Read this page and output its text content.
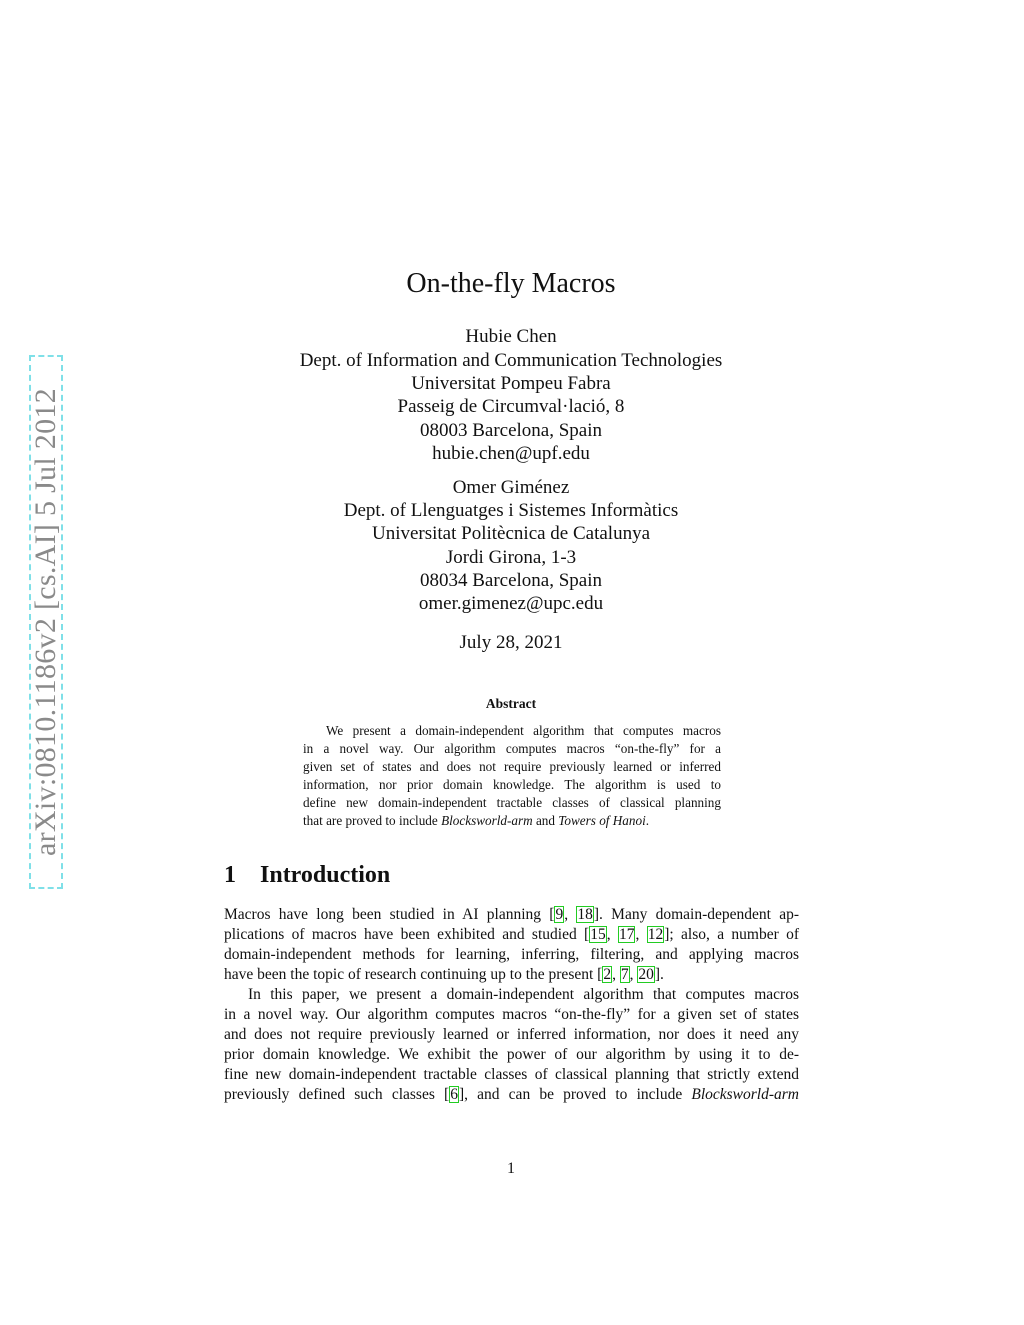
arXiv:0810.1186v2 [cs.AI] 5 Jul 2012
On-the-fly Macros
Hubie Chen
Dept. of Information and Communication Technologies
Universitat Pompeu Fabra
Passeig de Circumval·lació, 8
08003 Barcelona, Spain
hubie.chen@upf.edu
Omer Giménez
Dept. of Llenguatges i Sistemes Informàtics
Universitat Politècnica de Catalunya
Jordi Girona, 1-3
08034 Barcelona, Spain
omer.gimenez@upc.edu
July 28, 2021
Abstract
We present a domain-independent algorithm that computes macros
in a novel way. Our algorithm computes macros “on-the-fly” for a
given set of states and does not require previously learned or inferred
information, nor prior domain knowledge. The algorithm is used to
define new domain-independent tractable classes of classical planning
that are proved to include Blocksworld-arm and Towers of Hanoi.
1 Introduction
Macros have long been studied in AI planning [9, 18]. Many domain-dependent ap-
plications of macros have been exhibited and studied [15, 17, 12]; also, a number of
domain-independent methods for learning, inferring, filtering, and applying macros
have been the topic of research continuing up to the present [2, 7, 20].
In this paper, we present a domain-independent algorithm that computes macros
in a novel way. Our algorithm computes macros “on-the-fly” for a given set of states
and does not require previously learned or inferred information, nor does it need any
prior domain knowledge. We exhibit the power of our algorithm by using it to de-
fine new domain-independent tractable classes of classical planning that strictly extend
previously defined such classes [6], and can be proved to include Blocksworld-arm
1
